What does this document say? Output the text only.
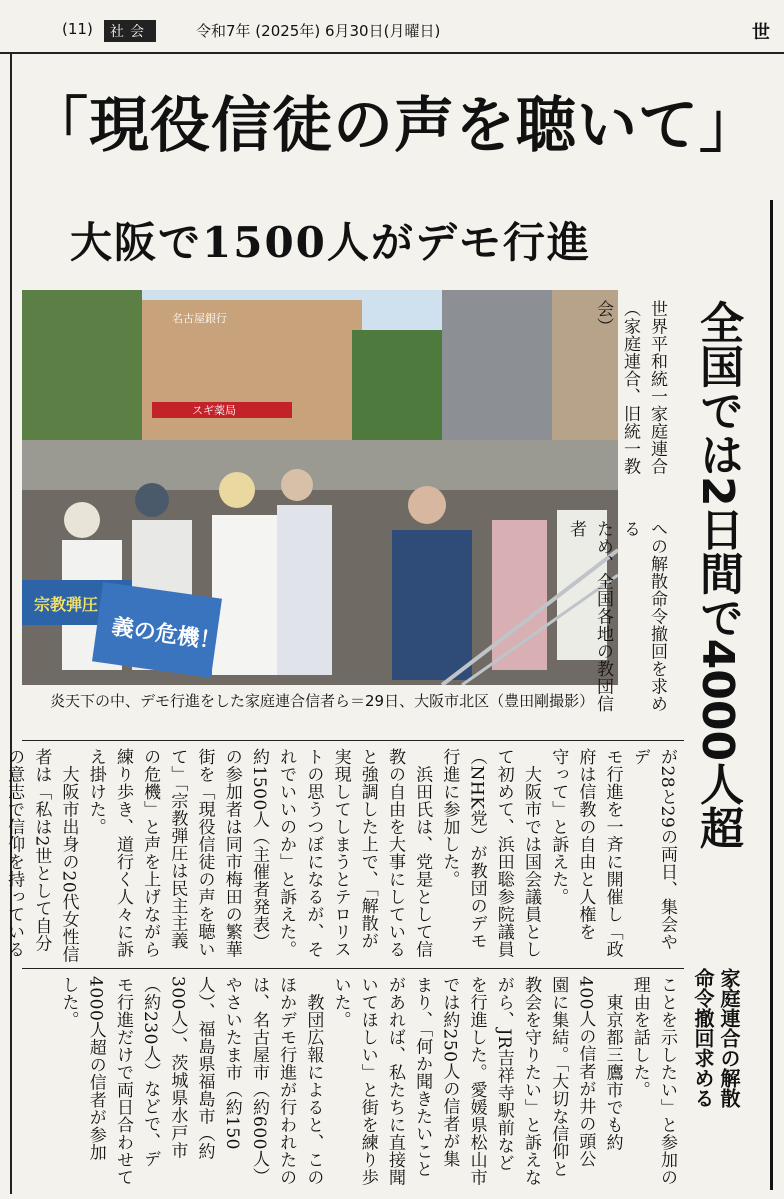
(11)	社会	令和7年 (2025年) 6月30日(月曜日)	世
「現役信徒の声を聴いて」
大阪で1500人がデモ行進
名古屋銀行
スギ薬局
宗教弾圧
義の危機！
炎天下の中、デモ行進をした家庭連合信者ら＝29日、大阪市北区（豊田剛撮影）
世界平和統一家庭連合
（家庭連合、旧統一教会）
への解散命令撤回を求める
ため、全国各地の教団信者	全国では2日間で4000人超
家庭連合の解散
命令撤回求める
が28と29の両日、集会やデ
モ行進を一斉に開催し「政
府は信教の自由と人権を
守って」と訴えた。
　大阪市では国会議員とし
て初めて、浜田聡参院議員
（NHK党）が教団のデモ
行進に参加した。
　浜田氏は、党是として信
教の自由を大事にしている
と強調した上で、「解散が
実現してしまうとテロリス
トの思うつぼになるが、そ
れでいいのか」と訴えた。
約1500人（主催者発表）
の参加者は同市梅田の繁華
街を「現役信徒の声を聴い
て」「宗教弾圧は民主主義
の危機」と声を上げながら
練り歩き、道行く人々に訴
え掛けた。
　大阪市出身の20代女性信
者は「私は2世として自分
の意志で信仰を持っている
ことを示したい」と参加の
理由を話した。
　東京都三鷹市でも約
400人の信者が井の頭公
園に集結。「大切な信仰と
教会を守りたい」と訴えな
がら、JR吉祥寺駅前など
を行進した。愛媛県松山市
では約250人の信者が集
まり、「何か聞きたいこと
があれば、私たちに直接聞
いてほしい」と街を練り歩
いた。
　教団広報によると、この
ほかデモ行進が行われたの
は、名古屋市（約600人）
やさいたま市（約150
人）、福島県福島市（約
300人）、茨城県水戸市
（約230人）などで、デ
モ行進だけで両日合わせて
4000人超の信者が参加
した。
